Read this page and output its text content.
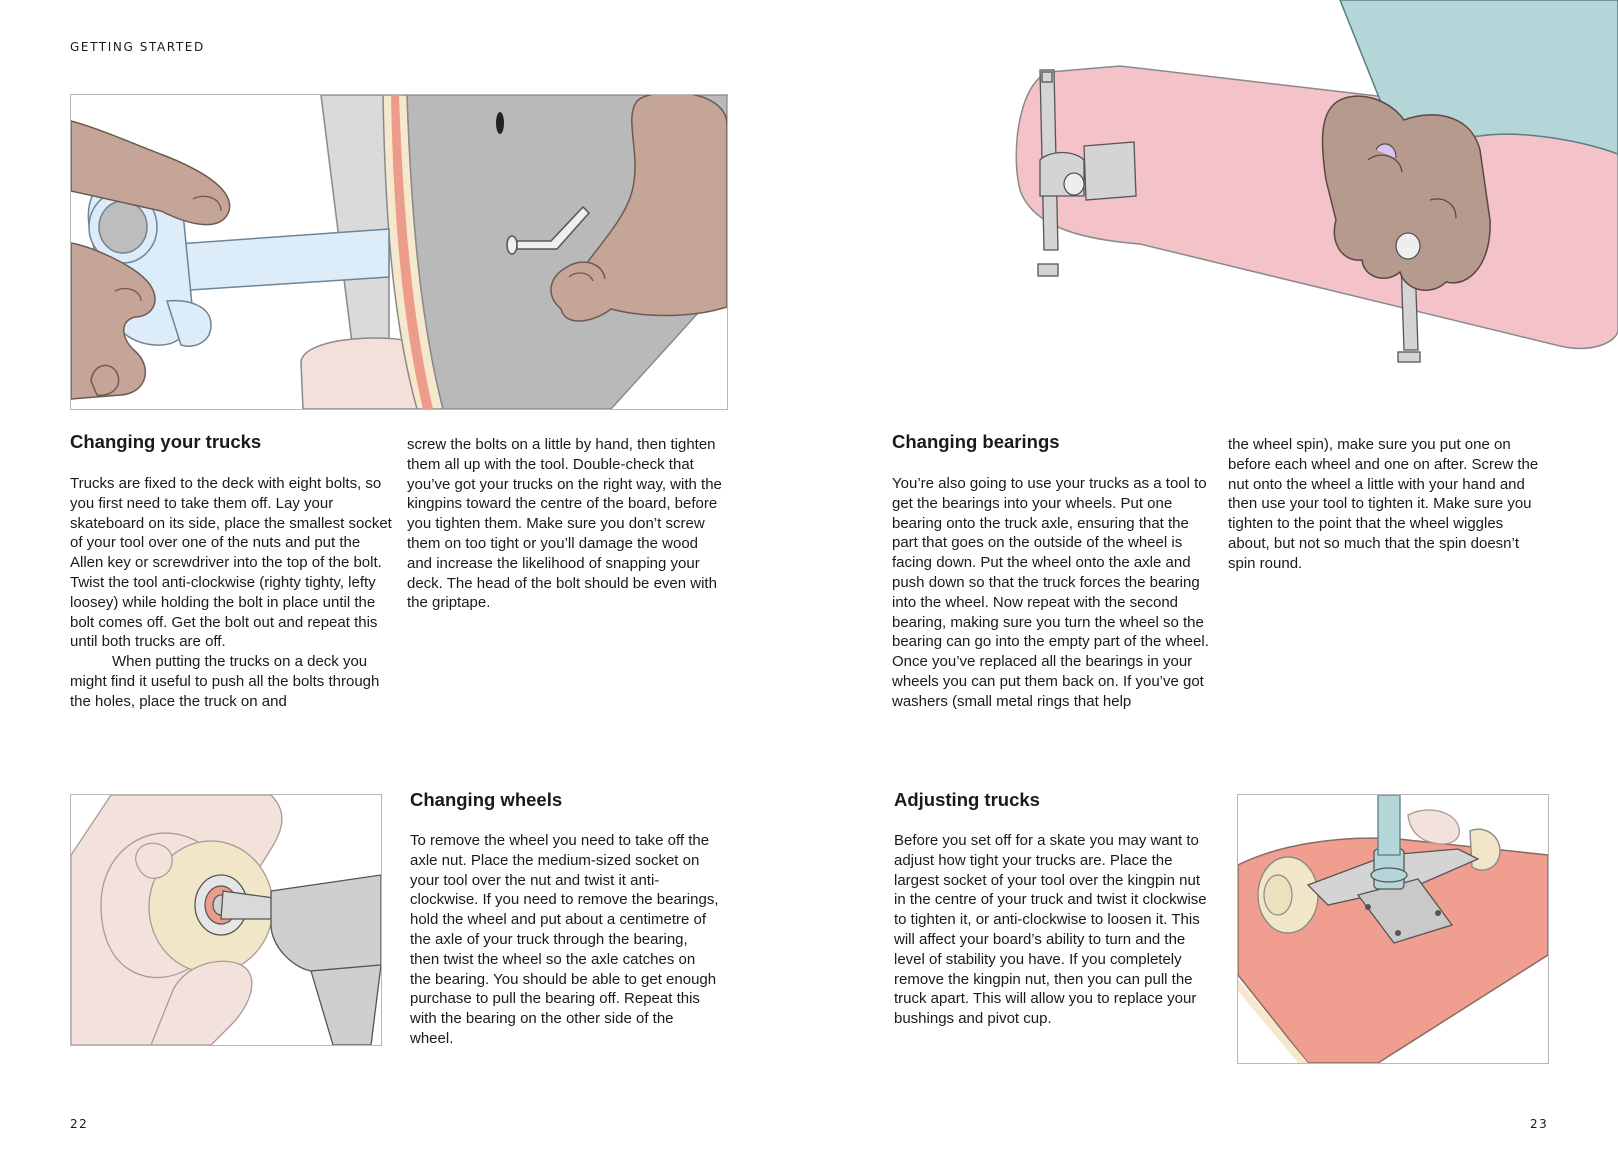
GETTING STARTED
Changing your trucks

Trucks are fixed to the deck with eight bolts, so you first need to take them off. Lay your skateboard on its side, place the smallest socket of your tool over one of the nuts and put the Allen key or screwdriver into the top of the bolt. Twist the tool anti-clockwise (righty tighty, lefty loosey) while holding the bolt in place until the bolt comes off. Get the bolt out and repeat this until both trucks are off.

When putting the trucks on a deck you might find it useful to push all the bolts through the holes, place the truck on and

screw the bolts on a little by hand, then tighten them all up with the tool. Double-check that you’ve got your trucks on the right way, with the kingpins toward the centre of the board, before you tighten them. Make sure you don’t screw them on too tight or you’ll damage the wood and increase the likelihood of snapping your deck. The head of the bolt should be even with the griptape.

Changing wheels

To remove the wheel you need to take off the axle nut. Place the medium-sized socket on your tool over the nut and twist it anti-clockwise. If you need to remove the bearings, hold the wheel and put about a centimetre of the axle of your truck through the bearing, then twist the wheel so the axle catches on the bearing. You should be able to get enough purchase to pull the bearing off. Repeat this with the bearing on the other side of the wheel.

22
Changing bearings

You’re also going to use your trucks as a tool to get the bearings into your wheels. Put one bearing onto the truck axle, ensuring that the part that goes on the outside of the wheel is facing down. Put the wheel onto the axle and push down so that the truck forces the bearing into the wheel. Now repeat with the second bearing, making sure you turn the wheel so the bearing can go into the empty part of the wheel. Once you’ve replaced all the bearings in your wheels you can put them back on. If you’ve got washers (small metal rings that help

the wheel spin), make sure you put one on before each wheel and one on after. Screw the nut onto the wheel a little with your hand and then use your tool to tighten it. Make sure you tighten to the point that the wheel wiggles about, but not so much that the spin doesn’t spin round.

Adjusting trucks

Before you set off for a skate you may want to adjust how tight your trucks are. Place the largest socket of your tool over the kingpin nut in the centre of your truck and twist it clockwise to tighten it, or anti-clockwise to loosen it. This will affect your board’s ability to turn and the level of stability you have. If you completely remove the kingpin nut, then you can pull the truck apart. This will allow you to replace your bushings and pivot cup.

23
